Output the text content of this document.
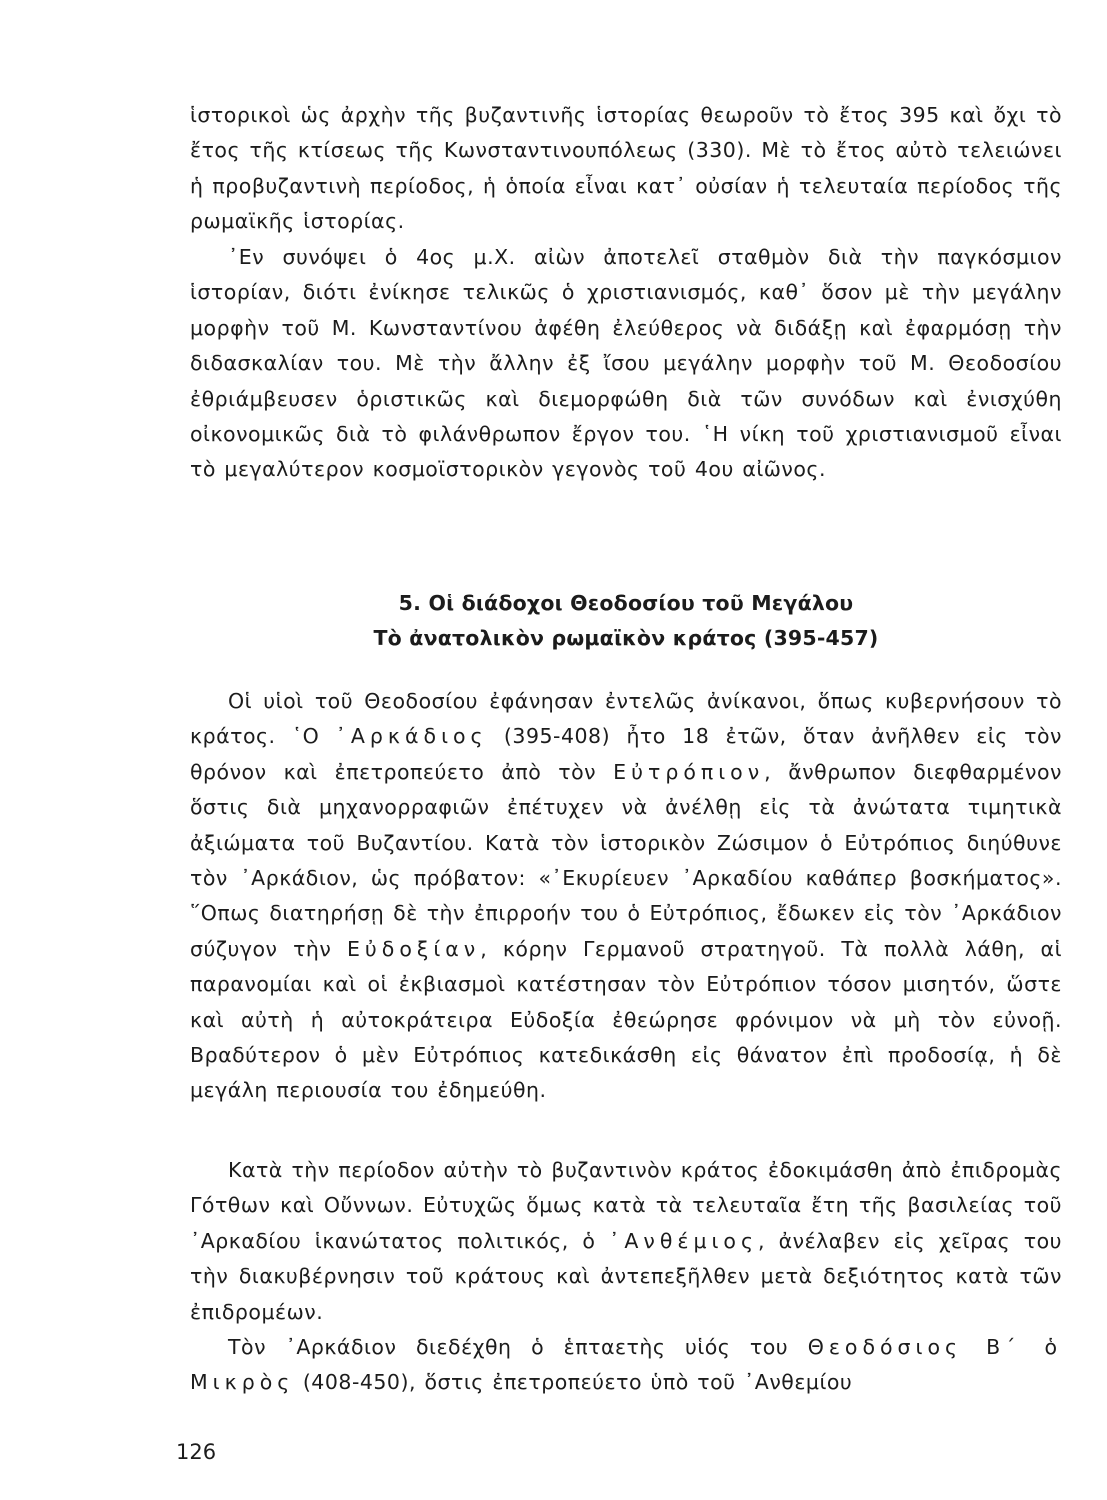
ἱστορικοὶ ὡς ἀρχὴν τῆς βυζαντινῆς ἱστορίας θεωροῦν τὸ ἔτος 395 καὶ ὄχι τὸ ἔτος τῆς κτίσεως τῆς Κωνσταντινουπόλεως (330). Μὲ τὸ ἔτος αὐτὸ τελειώνει ἡ προβυζαντινὴ περίοδος, ἡ ὁποία εἶναι κατ᾽ οὐσίαν ἡ τελευταία περίοδος τῆς ρωμαϊκῆς ἱστορίας.

᾽Εν συνόψει ὁ 4ος μ.Χ. αἰὼν ἀποτελεῖ σταθμὸν διὰ τὴν παγκόσμιον ἱστορίαν, διότι ἐνίκησε τελικῶς ὁ χριστιανισμός, καθ᾽ ὅσον μὲ τὴν μεγάλην μορφὴν τοῦ Μ. Κωνσταντίνου ἀφέθη ἐλεύθερος νὰ διδάξῃ καὶ ἐφαρμόσῃ τὴν διδασκαλίαν του. Μὲ τὴν ἄλλην ἐξ ἴσου μεγάλην μορφὴν τοῦ Μ. Θεοδοσίου ἐθριάμβευσεν ὁριστικῶς καὶ διεμορφώθη διὰ τῶν συνόδων καὶ ἐνισχύθη οἰκονομικῶς διὰ τὸ φιλάνθρωπον ἔργον του. ῾Η νίκη τοῦ χριστιανισμοῦ εἶναι τὸ μεγαλύτερον κοσμοϊστορικὸν γεγονὸς τοῦ 4ου αἰῶνος.

5. Οἱ διάδοχοι Θεοδοσίου τοῦ Μεγάλου
Τὸ ἀνατολικὸν ρωμαϊκὸν κράτος (395-457)

Οἱ υἱοὶ τοῦ Θεοδοσίου ἐφάνησαν ἐντελῶς ἀνίκανοι, ὅπως κυβερνήσουν τὸ κράτος. ῾Ο ᾽Αρκάδιος (395-408) ἦτο 18 ἐτῶν, ὅταν ἀνῆλθεν εἰς τὸν θρόνον καὶ ἐπετροπεύετο ἀπὸ τὸν Εὐτρόπιον, ἄνθρωπον διεφθαρμένον ὅστις διὰ μηχανορραφιῶν ἐπέτυχεν νὰ ἀνέλθῃ εἰς τὰ ἀνώτατα τιμητικὰ ἀξιώματα τοῦ Βυζαντίου. Κατὰ τὸν ἱστορικὸν Ζώσιμον ὁ Εὐτρόπιος διηύθυνε τὸν ᾽Αρκάδιον, ὡς πρόβατον: «᾽Εκυρίευεν ᾽Αρκαδίου καθάπερ βοσκήματος». ῞Οπως διατηρήσῃ δὲ τὴν ἐπιρροήν του ὁ Εὐτρόπιος, ἔδωκεν εἰς τὸν ᾽Αρκάδιον σύζυγον τὴν Εὐδοξίαν, κόρην Γερμανοῦ στρατηγοῦ. Τὰ πολλὰ λάθη, αἱ παρανομίαι καὶ οἱ ἐκβιασμοὶ κατέστησαν τὸν Εὐτρόπιον τόσον μισητόν, ὥστε καὶ αὐτὴ ἡ αὐτοκράτειρα Εὐδοξία ἐθεώρησε φρόνιμον νὰ μὴ τὸν εὐνοῇ. Βραδύτερον ὁ μὲν Εὐτρόπιος κατεδικάσθη εἰς θάνατον ἐπὶ προδοσίᾳ, ἡ δὲ μεγάλη περιουσία του ἐδημεύθη.

Κατὰ τὴν περίοδον αὐτὴν τὸ βυζαντινὸν κράτος ἐδοκιμάσθη ἀπὸ ἐπιδρομὰς Γότθων καὶ Οὔννων. Εὐτυχῶς ὅμως κατὰ τὰ τελευταῖα ἔτη τῆς βασιλείας τοῦ ᾽Αρκαδίου ἱκανώτατος πολιτικός, ὁ ᾽Ανθέμιος, ἀνέλαβεν εἰς χεῖρας του τὴν διακυβέρνησιν τοῦ κράτους καὶ ἀντεπεξῆλθεν μετὰ δεξιότητος κατὰ τῶν ἐπιδρομέων.

Τὸν ᾽Αρκάδιον διεδέχθη ὁ ἑπταετὴς υἱός του Θεοδόσιος Β΄ ὁ Μικρὸς (408-450), ὅστις ἐπετροπεύετο ὑπὸ τοῦ ᾽Ανθεμίου

126
